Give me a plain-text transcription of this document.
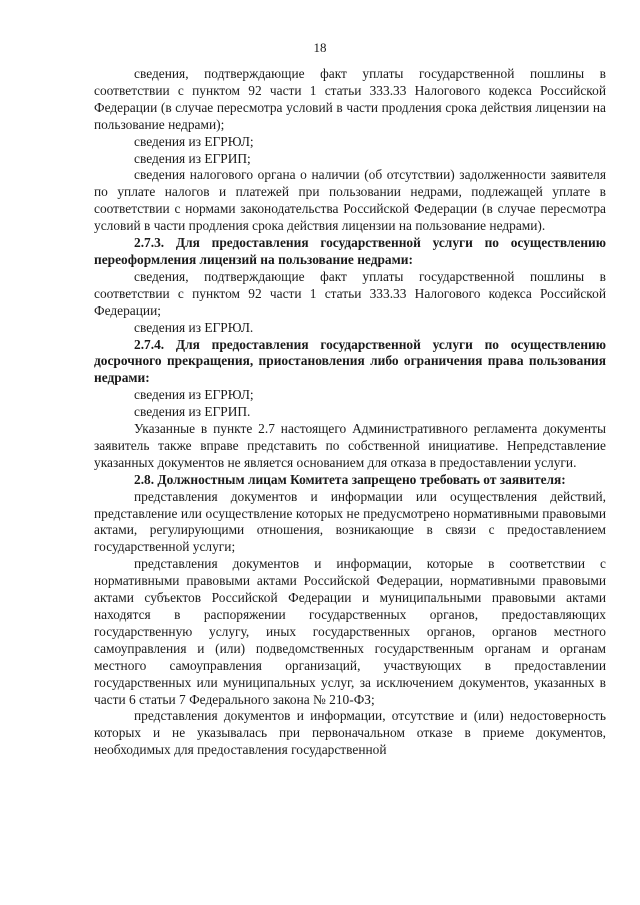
18

сведения, подтверждающие факт уплаты государственной пошлины в соответствии с пунктом 92 части 1 статьи 333.33 Налогового кодекса Российской Федерации (в случае пересмотра условий в части продления срока действия лицензии на пользование недрами);

сведения из ЕГРЮЛ;

сведения из ЕГРИП;

сведения налогового органа о наличии (об отсутствии) задолженности заявителя по уплате налогов и платежей при пользовании недрами, подлежащей уплате в соответствии с нормами законодательства Российской Федерации (в случае пересмотра условий в части продления срока действия лицензии на пользование недрами).

2.7.3. Для предоставления государственной услуги по осуществлению переоформления лицензий на пользование недрами:

сведения, подтверждающие факт уплаты государственной пошлины в соответствии с пунктом 92 части 1 статьи 333.33 Налогового кодекса Российской Федерации;

сведения из ЕГРЮЛ.

2.7.4. Для предоставления государственной услуги по осуществлению досрочного прекращения, приостановления либо ограничения права пользования недрами:

сведения из ЕГРЮЛ;

сведения из ЕГРИП.

Указанные в пункте 2.7 настоящего Административного регламента документы заявитель также вправе представить по собственной инициативе. Непредставление указанных документов не является основанием для отказа в предоставлении услуги.

2.8. Должностным лицам Комитета запрещено требовать от заявителя:

представления документов и информации или осуществления действий, представление или осуществление которых не предусмотрено нормативными правовыми актами, регулирующими отношения, возникающие в связи с предоставлением государственной услуги;

представления документов и информации, которые в соответствии с нормативными правовыми актами Российской Федерации, нормативными правовыми актами субъектов Российской Федерации и муниципальными правовыми актами находятся в распоряжении государственных органов, предоставляющих государственную услугу, иных государственных органов, органов местного самоуправления и (или) подведомственных государственным органам и органам местного самоуправления организаций, участвующих в предоставлении государственных или муниципальных услуг, за исключением документов, указанных в части 6 статьи 7 Федерального закона № 210-ФЗ;

представления документов и информации, отсутствие и (или) недостоверность которых и не указывалась при первоначальном отказе в приеме документов, необходимых для предоставления государственной
